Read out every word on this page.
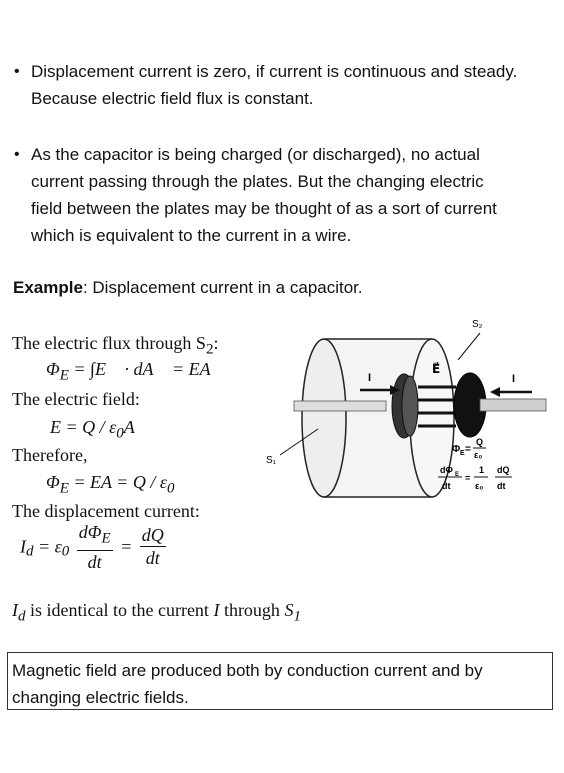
• Displacement current is zero, if current is continuous and steady.
Because electric field flux is constant.
• As the capacitor is being charged (or discharged), no actual
current passing through the plates. But the changing electric
field between the plates may be thought of as a sort of current
which is equivalent to the current in a wire.
Example: Displacement current in a capacitor.
The electric flux through $S_2$:
$\Phi_E$ = ∫E⃗ · dA⃗ = EA
The electric field:
$E = Q / \varepsilon_0A$
Therefore,
$\Phi_E$ = EA = Q / $\varepsilon_0$
The displacement current:
$I_d = \varepsilon_0 \frac{d\Phi_E}{dt} = \frac{dQ}{dt}$
S₂
S₁
I	I
E⃗
Φ E =
Q
ε₀
dΦ E
dt
=
1
ε₀
dQ
dt
$I_d$ is identical to the current I through $S_1$
Magnetic field are produced both by conduction current and by
changing electric fields.
